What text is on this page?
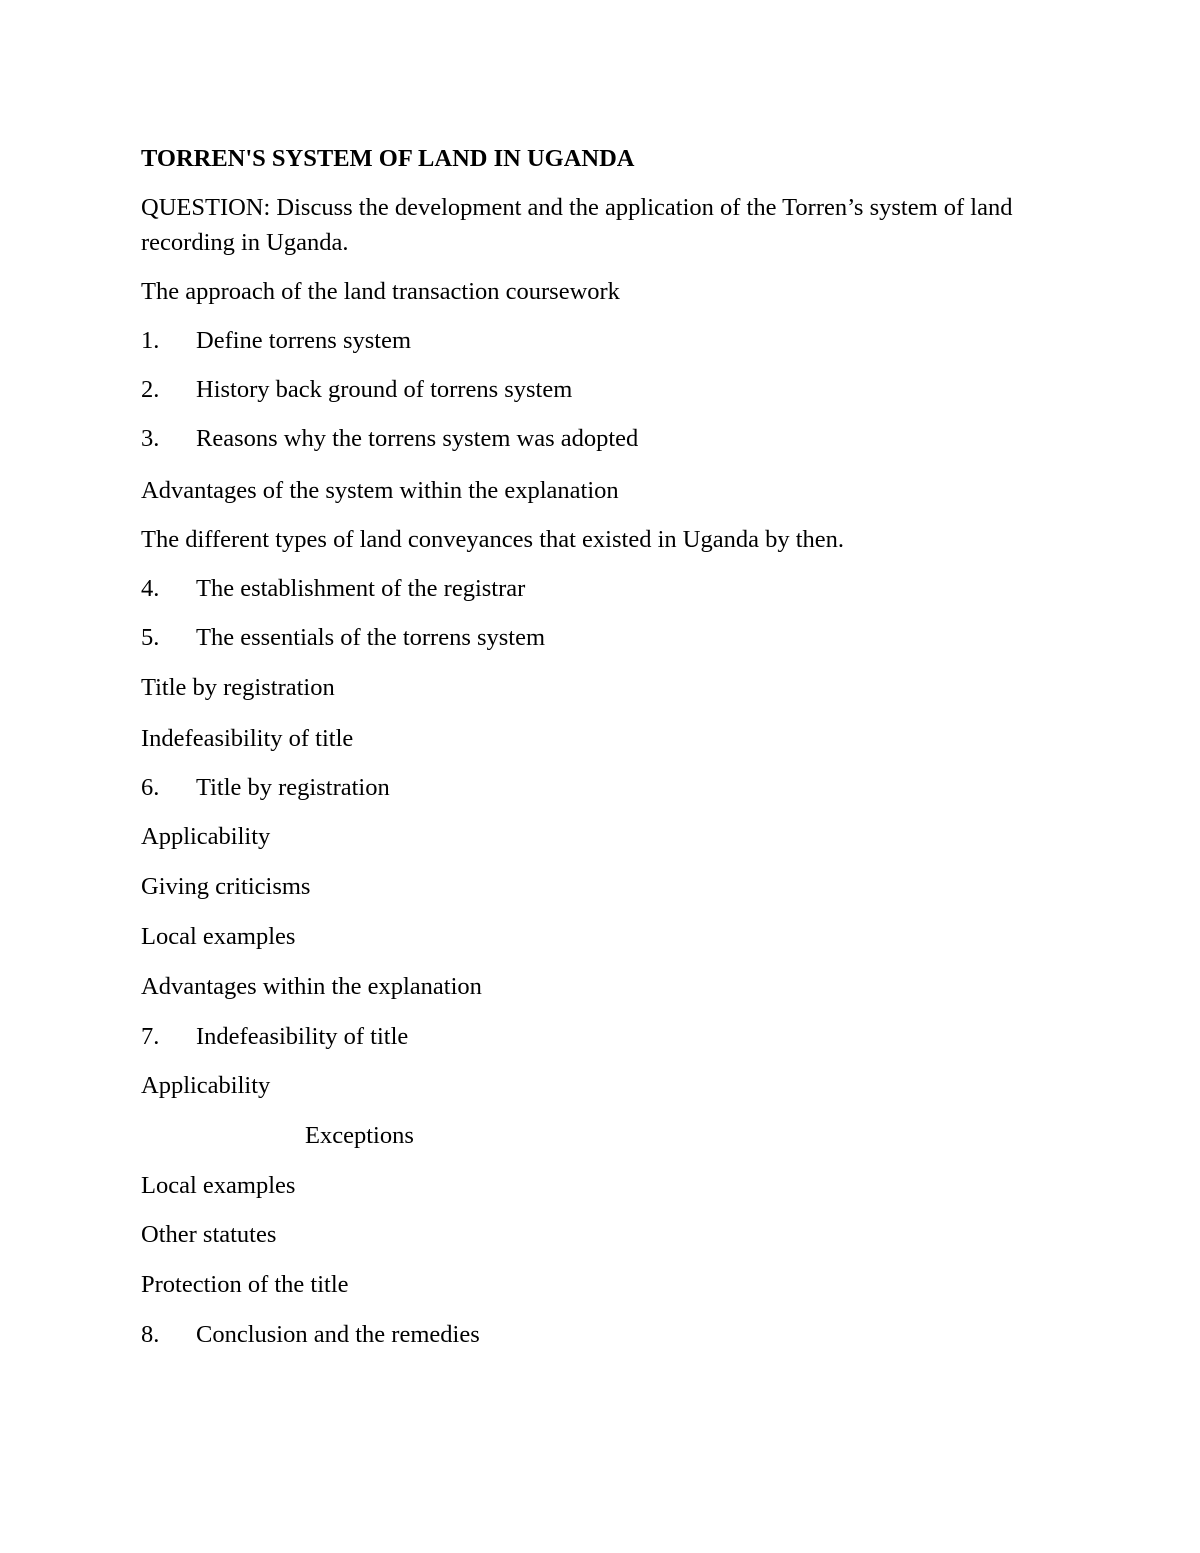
TORREN'S SYSTEM OF LAND IN UGANDA
QUESTION: Discuss the development and the application of the Torren’s system of land recording in Uganda.
The approach of the land transaction coursework
1. Define torrens system
2. History back ground of torrens system
3. Reasons why the torrens system was adopted
Advantages of the system within the explanation
The different types of land conveyances that existed in Uganda by then.
4. The establishment of the registrar
5. The essentials of the torrens system
Title by registration
Indefeasibility of title
6. Title by registration
Applicability
Giving criticisms
Local examples
Advantages within the explanation
7. Indefeasibility of title
Applicability
Exceptions
Local examples
Other statutes
Protection of the title
8. Conclusion and the remedies
